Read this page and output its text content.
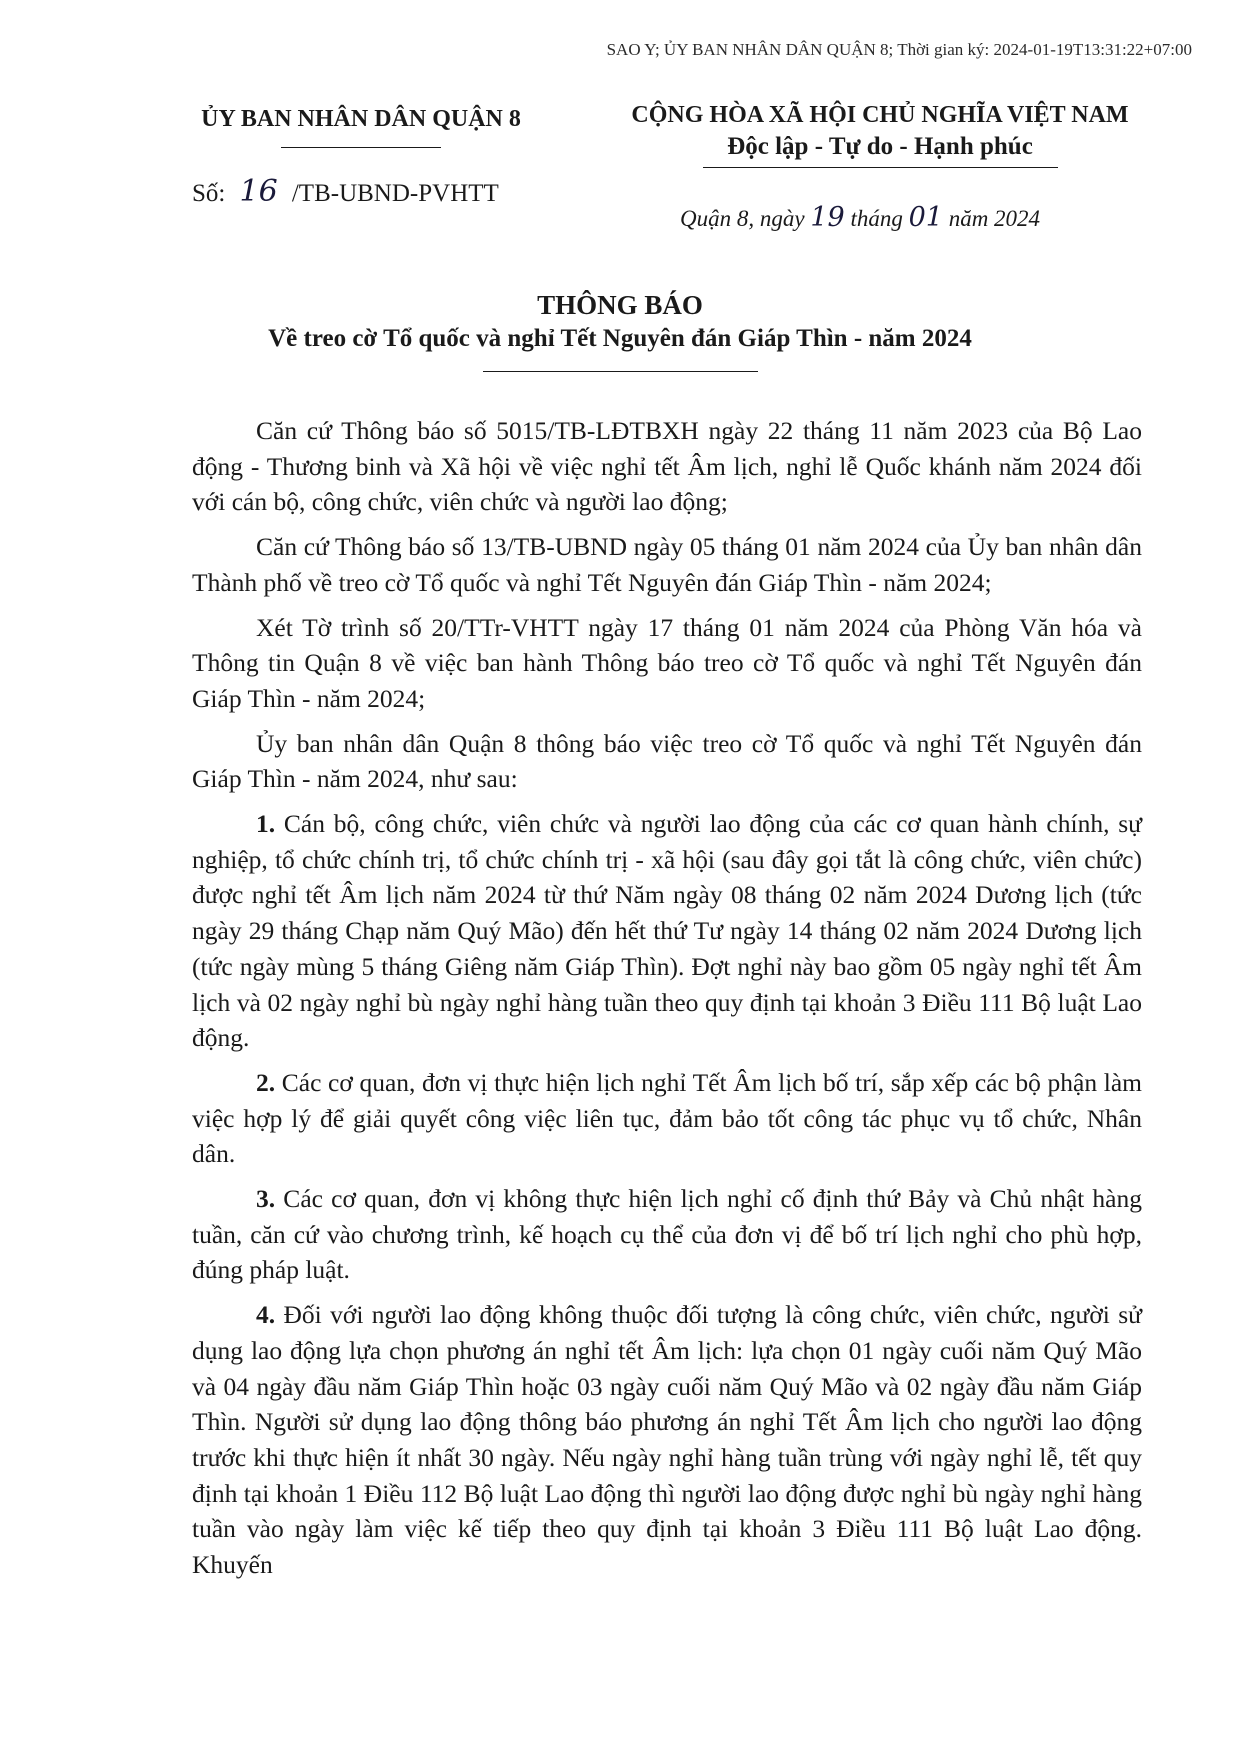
SAO Y; ỦY BAN NHÂN DÂN QUẬN 8; Thời gian ký: 2024-01-19T13:31:22+07:00
ỦY BAN NHÂN DÂN QUẬN 8
Số: 16 /TB-UBND-PVHTT
CỘNG HÒA XÃ HỘI CHỦ NGHĨA VIỆT NAM
Độc lập - Tự do - Hạnh phúc
Quận 8, ngày 19 tháng 01 năm 2024
THÔNG BÁO
Về treo cờ Tổ quốc và nghỉ Tết Nguyên đán Giáp Thìn - năm 2024

Căn cứ Thông báo số 5015/TB-LĐTBXH ngày 22 tháng 11 năm 2023 của Bộ Lao động - Thương binh và Xã hội về việc nghỉ tết Âm lịch, nghỉ lễ Quốc khánh năm 2024 đối với cán bộ, công chức, viên chức và người lao động;

Căn cứ Thông báo số 13/TB-UBND ngày 05 tháng 01 năm 2024 của Ủy ban nhân dân Thành phố về treo cờ Tổ quốc và nghỉ Tết Nguyên đán Giáp Thìn - năm 2024;

Xét Tờ trình số 20/TTr-VHTT ngày 17 tháng 01 năm 2024 của Phòng Văn hóa và Thông tin Quận 8 về việc ban hành Thông báo treo cờ Tổ quốc và nghỉ Tết Nguyên đán Giáp Thìn - năm 2024;

Ủy ban nhân dân Quận 8 thông báo việc treo cờ Tổ quốc và nghỉ Tết Nguyên đán Giáp Thìn - năm 2024, như sau:

1. Cán bộ, công chức, viên chức và người lao động của các cơ quan hành chính, sự nghiệp, tổ chức chính trị, tổ chức chính trị - xã hội (sau đây gọi tắt là công chức, viên chức) được nghỉ tết Âm lịch năm 2024 từ thứ Năm ngày 08 tháng 02 năm 2024 Dương lịch (tức ngày 29 tháng Chạp năm Quý Mão) đến hết thứ Tư ngày 14 tháng 02 năm 2024 Dương lịch (tức ngày mùng 5 tháng Giêng năm Giáp Thìn). Đợt nghỉ này bao gồm 05 ngày nghỉ tết Âm lịch và 02 ngày nghỉ bù ngày nghỉ hàng tuần theo quy định tại khoản 3 Điều 111 Bộ luật Lao động.

2. Các cơ quan, đơn vị thực hiện lịch nghỉ Tết Âm lịch bố trí, sắp xếp các bộ phận làm việc hợp lý để giải quyết công việc liên tục, đảm bảo tốt công tác phục vụ tổ chức, Nhân dân.

3. Các cơ quan, đơn vị không thực hiện lịch nghỉ cố định thứ Bảy và Chủ nhật hàng tuần, căn cứ vào chương trình, kế hoạch cụ thể của đơn vị để bố trí lịch nghỉ cho phù hợp, đúng pháp luật.

4. Đối với người lao động không thuộc đối tượng là công chức, viên chức, người sử dụng lao động lựa chọn phương án nghỉ tết Âm lịch: lựa chọn 01 ngày cuối năm Quý Mão và 04 ngày đầu năm Giáp Thìn hoặc 03 ngày cuối năm Quý Mão và 02 ngày đầu năm Giáp Thìn. Người sử dụng lao động thông báo phương án nghỉ Tết Âm lịch cho người lao động trước khi thực hiện ít nhất 30 ngày. Nếu ngày nghỉ hàng tuần trùng với ngày nghỉ lễ, tết quy định tại khoản 1 Điều 112 Bộ luật Lao động thì người lao động được nghỉ bù ngày nghỉ hàng tuần vào ngày làm việc kế tiếp theo quy định tại khoản 3 Điều 111 Bộ luật Lao động. Khuyến
